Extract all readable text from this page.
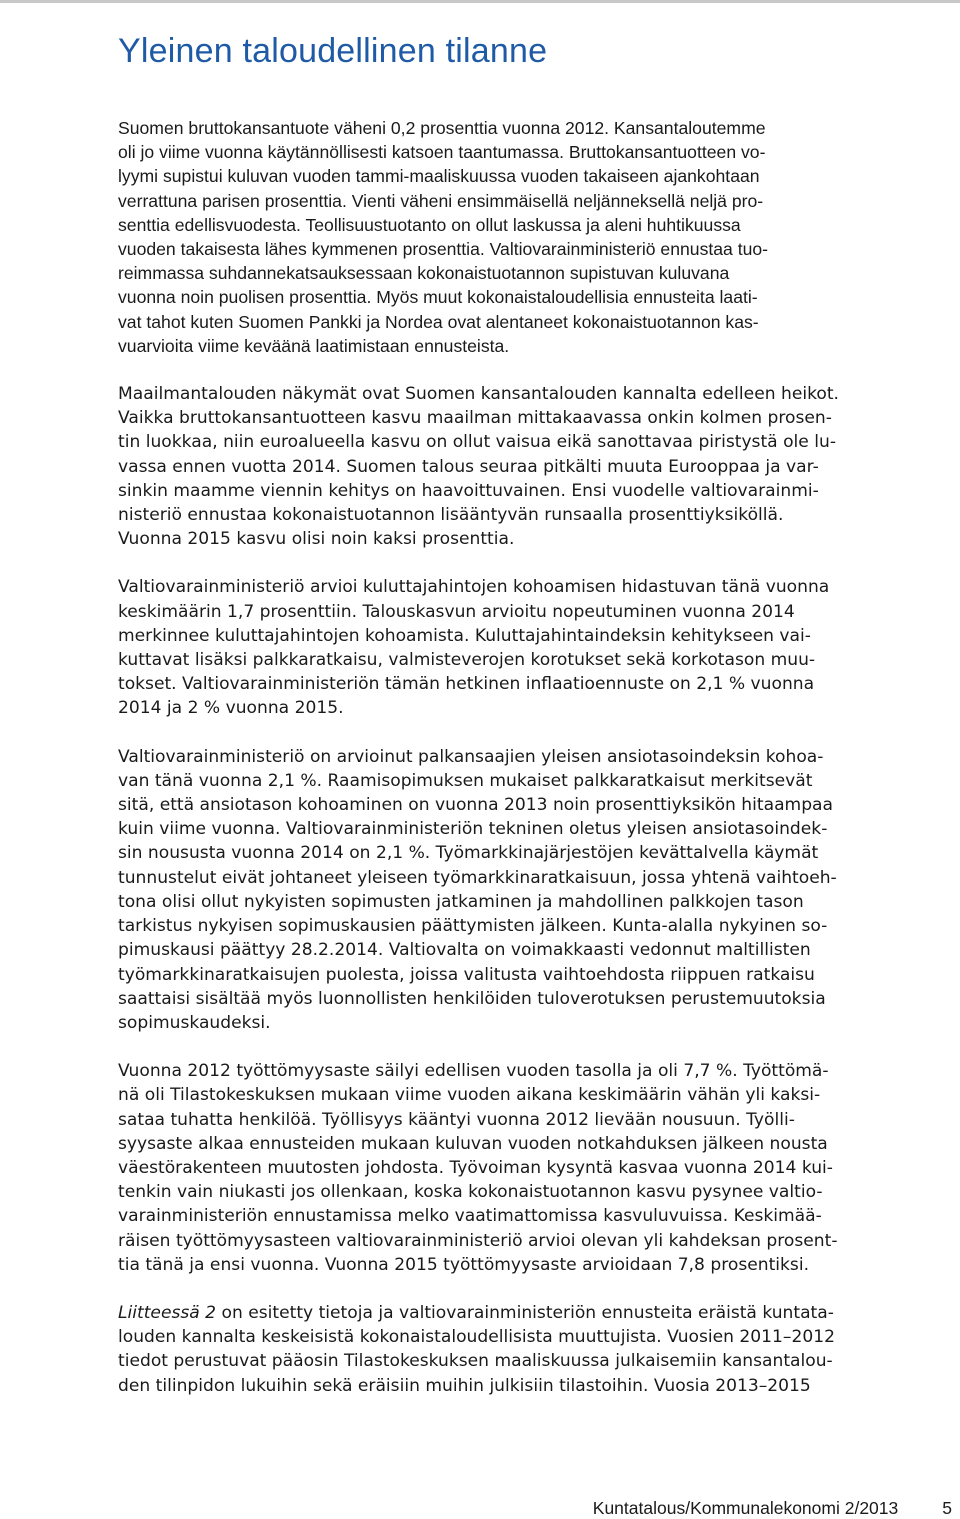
Yleinen taloudellinen tilanne

Suomen bruttokansantuote väheni 0,2 prosenttia vuonna 2012. Kansantaloutemme
oli jo viime vuonna käytännöllisesti katsoen taantumassa. Bruttokansantuotteen vo-
lyymi supistui kuluvan vuoden tammi-maaliskuussa vuoden takaiseen ajankohtaan
verrattuna parisen prosenttia. Vienti väheni ensimmäisellä neljänneksellä neljä pro-
senttia edellisvuodesta. Teollisuustuotanto on ollut laskussa ja aleni huhtikuussa
vuoden takaisesta lähes kymmenen prosenttia. Valtiovarainministeriö ennustaa tuo-
reimmassa suhdannekatsauksessaan kokonaistuotannon supistuvan kuluvana
vuonna noin puolisen prosenttia. Myös muut kokonaistaloudellisia ennusteita laati-
vat tahot kuten Suomen Pankki ja Nordea ovat alentaneet kokonaistuotannon kas-
vuarvioita viime keväänä laatimistaan ennusteista.

Maailmantalouden näkymät ovat Suomen kansantalouden kannalta edelleen heikot.
Vaikka bruttokansantuotteen kasvu maailman mittakaavassa onkin kolmen prosen-
tin luokkaa, niin euroalueella kasvu on ollut vaisua eikä sanottavaa piristystä ole lu-
vassa ennen vuotta 2014. Suomen talous seuraa pitkälti muuta Eurooppaa ja var-
sinkin maamme viennin kehitys on haavoittuvainen. Ensi vuodelle valtiovarainmi-
nisteriö ennustaa kokonaistuotannon lisääntyvän runsaalla prosenttiyksiköllä.
Vuonna 2015 kasvu olisi noin kaksi prosenttia.

Valtiovarainministeriö arvioi kuluttajahintojen kohoamisen hidastuvan tänä vuonna
keskimäärin 1,7 prosenttiin. Talouskasvun arvioitu nopeutuminen vuonna 2014
merkinnee kuluttajahintojen kohoamista. Kuluttajahintaindeksin kehitykseen vai-
kuttavat lisäksi palkkaratkaisu, valmisteverojen korotukset sekä korkotason muu-
tokset. Valtiovarainministeriön tämän hetkinen inflaatioennuste on 2,1 % vuonna
2014 ja 2 % vuonna 2015.

Valtiovarainministeriö on arvioinut palkansaajien yleisen ansiotasoindeksin kohoa-
van tänä vuonna 2,1 %. Raamisopimuksen mukaiset palkkaratkaisut merkitsevät
sitä, että ansiotason kohoaminen on vuonna 2013 noin prosenttiyksikön hitaampaa
kuin viime vuonna. Valtiovarainministeriön tekninen oletus yleisen ansiotasoindek-
sin noususta vuonna 2014 on 2,1 %. Työmarkkinajärjestöjen kevättalvella käymät
tunnustelut eivät johtaneet yleiseen työmarkkinaratkaisuun, jossa yhtenä vaihtoeh-
tona olisi ollut nykyisten sopimusten jatkaminen ja mahdollinen palkkojen tason
tarkistus nykyisen sopimuskausien päättymisten jälkeen. Kunta-alalla nykyinen so-
pimuskausi päättyy 28.2.2014. Valtiovalta on voimakkaasti vedonnut maltillisten
työmarkkinaratkaisujen puolesta, joissa valitusta vaihtoehdosta riippuen ratkaisu
saattaisi sisältää myös luonnollisten henkilöiden tuloverotuksen perustemuutoksia
sopimuskaudeksi.

Vuonna 2012 työttömyysaste säilyi edellisen vuoden tasolla ja oli 7,7 %. Työttömä-
nä oli Tilastokeskuksen mukaan viime vuoden aikana keskimäärin vähän yli kaksi-
sataa tuhatta henkilöä. Työllisyys kääntyi vuonna 2012 lievään nousuun. Työlli-
syysaste alkaa ennusteiden mukaan kuluvan vuoden notkahduksen jälkeen nousta
väestörakenteen muutosten johdosta. Työvoiman kysyntä kasvaa vuonna 2014 kui-
tenkin vain niukasti jos ollenkaan, koska kokonaistuotannon kasvu pysynee valtio-
varainministeriön ennustamissa melko vaatimattomissa kasvuluvuissa. Keskimää-
räisen työttömyysasteen valtiovarainministeriö arvioi olevan yli kahdeksan prosent-
tia tänä ja ensi vuonna. Vuonna 2015 työttömyysaste arvioidaan 7,8 prosentiksi.

Liitteessä 2 on esitetty tietoja ja valtiovarainministeriön ennusteita eräistä kuntata-
louden kannalta keskeisistä kokonaistaloudellisista muuttujista. Vuosien 2011–2012
tiedot perustuvat pääosin Tilastokeskuksen maaliskuussa julkaisemiin kansantalou-
den tilinpidon lukuihin sekä eräisiin muihin julkisiin tilastoihin. Vuosia 2013–2015

Kuntatalous/Kommunalekonomi 2/2013	5
